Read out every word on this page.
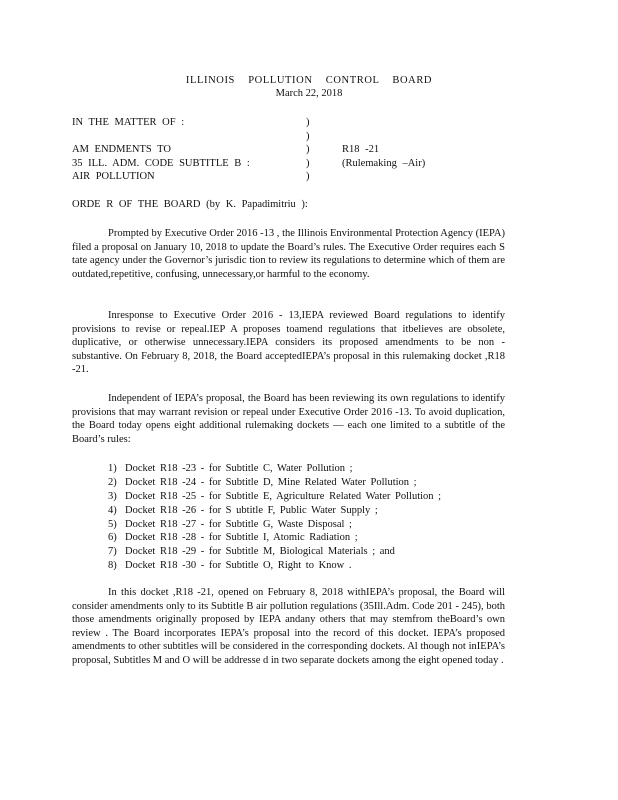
ILLINOIS POLLUTION CONTROL BOARD
March 22, 2018
IN THE MATTER OF :	)
)
AM ENDMENTS TO	)	R18 -21
35 ILL. ADM. CODE SUBTITLE B :	)	(Rulemaking –Air)
AIR POLLUTION	)
ORDE R OF THE BOARD (by K. Papadimitriu ):
Prompted by Executive Order 2016 -13 , the Illinois Environmental Protection Agency (IEPA) filed a proposal on January 10, 2018 to update the Board’s rules. The Executive Order requires each S tate agency under the Governor’s jurisdic tion to review its regulations to determine which of them are outdated,repetitive, confusing, unnecessary,or harmful to the economy.
Inresponse to Executive Order 2016 - 13,IEPA reviewed Board regulations to identify provisions to revise or repeal.IEP A proposes toamend regulations that itbelieves are obsolete, duplicative, or otherwise unnecessary.IEPA considers its proposed amendments to be non - substantive. On February 8, 2018, the Board acceptedIEPA’s proposal in this rulemaking docket ,R18 -21.
Independent of IEPA’s proposal, the Board has been reviewing its own regulations to identify provisions that may warrant revision or repeal under Executive Order 2016 -13. To avoid duplication, the Board today opens eight additional rulemaking dockets — each one limited to a subtitle of the Board’s rules:
1) Docket R18 -23 - for Subtitle C, Water Pollution ;
2) Docket R18 -24 - for Subtitle D, Mine Related Water Pollution ;
3) Docket R18 -25 - for Subtitle E, Agriculture Related Water Pollution ;
4) Docket R18 -26 - for S ubtitle F, Public Water Supply ;
5) Docket R18 -27 - for Subtitle G, Waste Disposal ;
6) Docket R18 -28 - for Subtitle I, Atomic Radiation ;
7) Docket R18 -29 - for Subtitle M, Biological Materials ; and
8) Docket R18 -30 - for Subtitle O, Right to Know .
In this docket ,R18 -21, opened on February 8, 2018 withIEPA’s proposal, the Board will consider amendments only to its Subtitle B air pollution regulations (35Ill.Adm. Code 201 - 245), both those amendments originally proposed by IEPA andany others that may stemfrom theBoard’s own review . The Board incorporates IEPA’s proposal into the record of this docket. IEPA’s proposed amendments to other subtitles will be considered in the corresponding dockets. Al though not inIEPA’s proposal, Subtitles M and O will be addresse d in two separate dockets among the eight opened today .
